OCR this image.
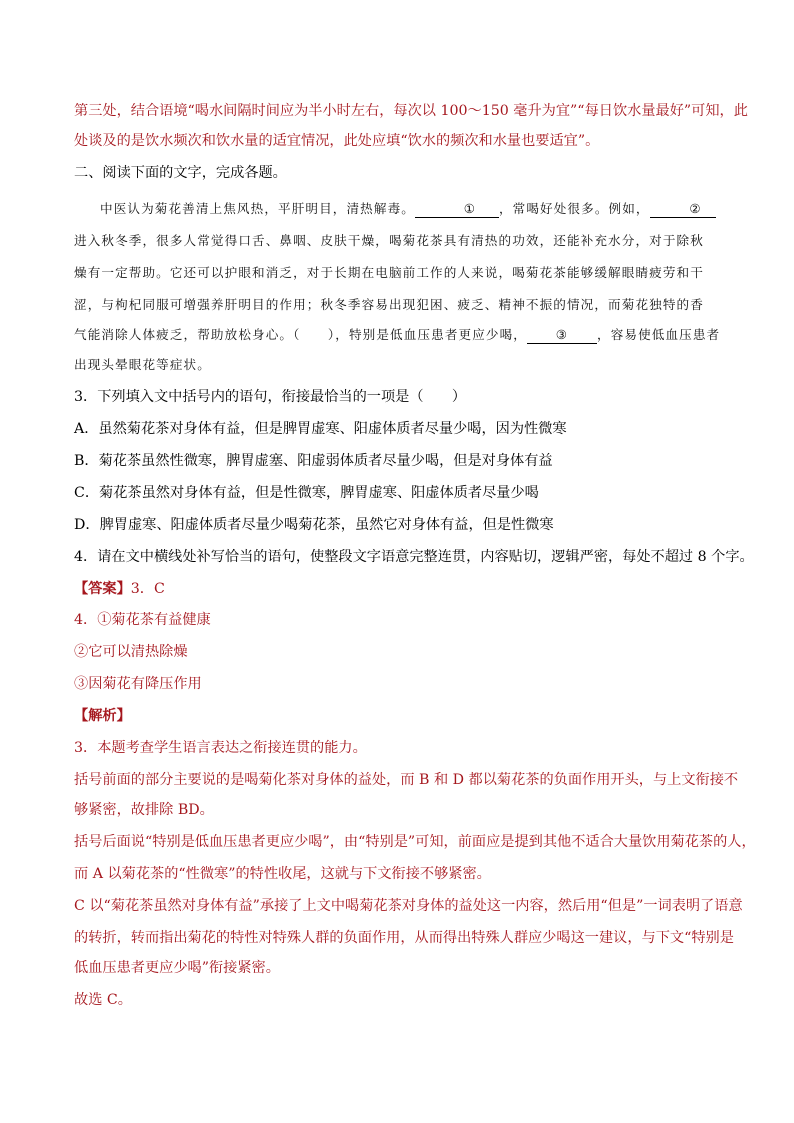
第三处，结合语境“喝水间隔时间应为半小时左右，每次以 100～150 毫升为宜”“每日饮水量最好”可知，此
处谈及的是饮水频次和饮水量的适宜情况，此处应填“饮水的频次和水量也要适宜”。
二、阅读下面的文字，完成各题。
中医认为菊花善清上焦风热，平肝明目，清热解毒。	① ，常喝好处很多。例如，	②
进入秋冬季，很多人常觉得口舌、鼻咽、皮肤干燥，喝菊花茶具有清热的功效，还能补充水分，对于除秋
燥有一定帮助。它还可以护眼和消乏，对于长期在电脑前工作的人来说，喝菊花茶能够缓解眼睛疲劳和干
涩，与枸杞同服可增强养肝明目的作用；秋冬季容易出现犯困、疲乏、精神不振的情况，而菊花独特的香
气能消除人体疲乏，帮助放松身心。（　　），特别是低血压患者更应少喝， ③ ，容易使低血压患者
出现头晕眼花等症状。
3．下列填入文中括号内的语句，衔接最恰当的一项是（　　）
A．虽然菊花茶对身体有益，但是脾胃虚寒、阳虚体质者尽量少喝，因为性微寒
B．菊花茶虽然性微寒，脾胃虚塞、阳虚弱体质者尽量少喝，但是对身体有益
C．菊花茶虽然对身体有益，但是性微寒，脾胃虚寒、阳虚体质者尽量少喝
D．脾胃虚寒、阳虚体质者尽量少喝菊花茶，虽然它对身体有益，但是性微寒
4．请在文中横线处补写恰当的语句，使整段文字语意完整连贯，内容贴切，逻辑严密，每处不超过 8 个字。
【答案】3．C
4．①菊花茶有益健康
②它可以清热除燥
③因菊花有降压作用
【解析】
3．本题考查学生语言表达之衔接连贯的能力。
括号前面的部分主要说的是喝菊化茶对身体的益处，而 B 和 D 都以菊花茶的负面作用开头，与上文衔接不
够紧密，故排除 BD。
括号后面说“特别是低血压患者更应少喝”，由“特别是”可知，前面应是提到其他不适合大量饮用菊花茶的人，
而 A 以菊花茶的“性微寒”的特性收尾，这就与下文衔接不够紧密。
C 以“菊花茶虽然对身体有益”承接了上文中喝菊花茶对身体的益处这一内容，然后用“但是”一词表明了语意
的转折，转而指出菊花的特性对特殊人群的负面作用，从而得出特殊人群应少喝这一建议，与下文“特别是
低血压患者更应少喝”衔接紧密。
故选 C。
